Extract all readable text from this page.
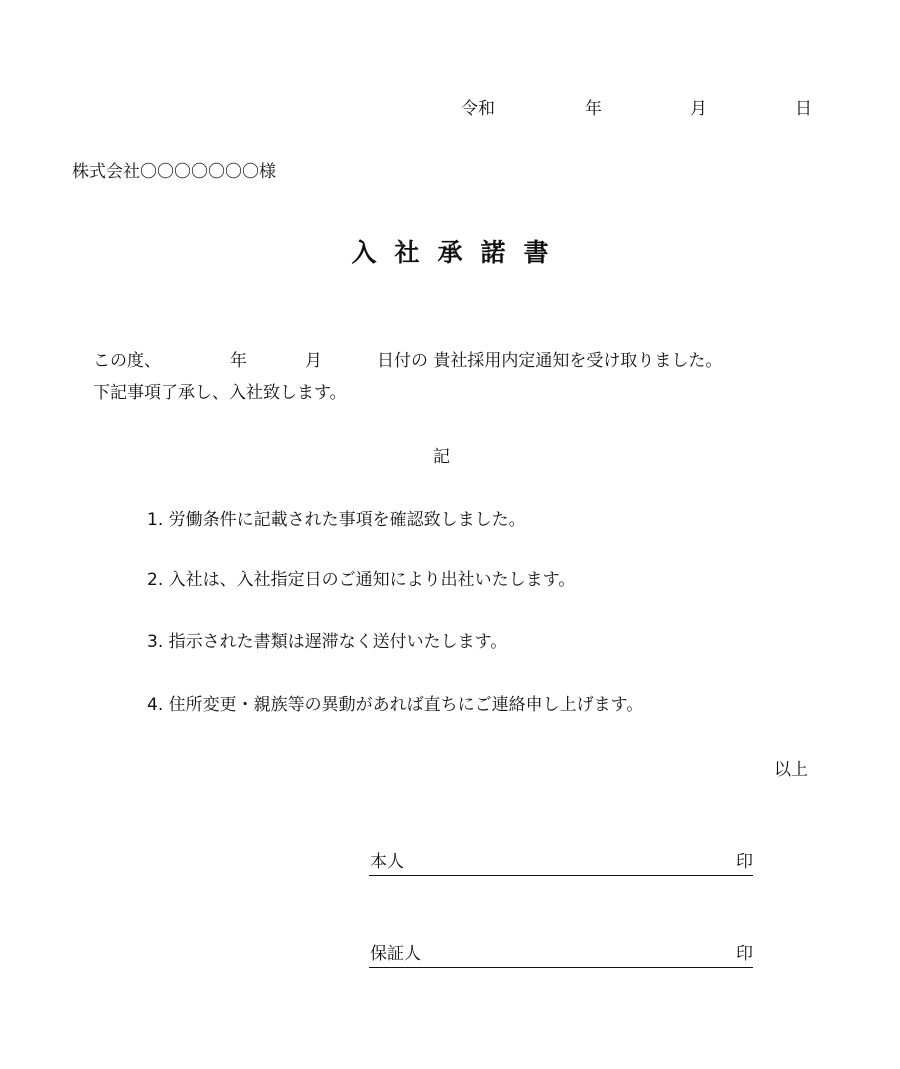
令和	年	月	日
株式会社〇〇〇〇〇〇〇様
入社承諾書
この度、	年	月	日付の 貴社採用内定通知を受け取りました。
下記事項了承し、入社致します。
記
1. 労働条件に記載された事項を確認致しました。
2. 入社は、入社指定日のご通知により出社いたします。
3. 指示された書類は遅滞なく送付いたします。
4. 住所変更・親族等の異動があれば直ちにご連絡申し上げます。
以上
本人	印
保証人	印
